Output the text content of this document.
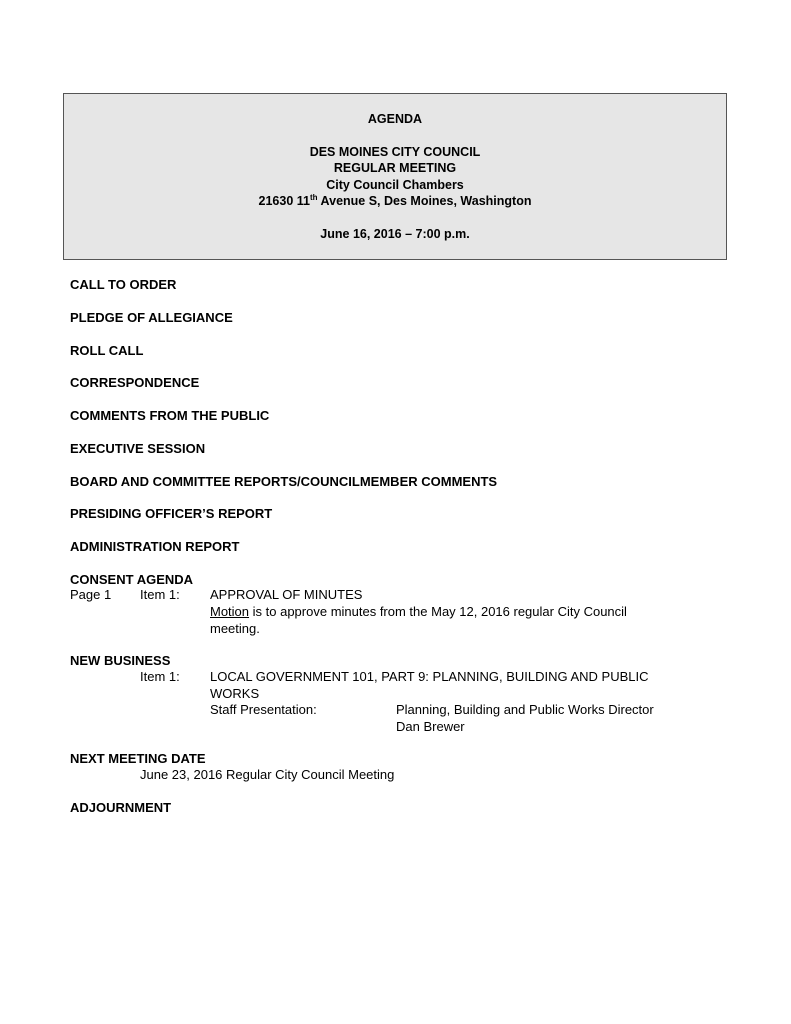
AGENDA
DES MOINES CITY COUNCIL
REGULAR MEETING
City Council Chambers
21630 11th Avenue S, Des Moines, Washington
June 16, 2016 – 7:00 p.m.
CALL TO ORDER
PLEDGE OF ALLEGIANCE
ROLL CALL
CORRESPONDENCE
COMMENTS FROM THE PUBLIC
EXECUTIVE SESSION
BOARD AND COMMITTEE REPORTS/COUNCILMEMBER COMMENTS
PRESIDING OFFICER’S REPORT
ADMINISTRATION REPORT
CONSENT AGENDA
Page 1 Item 1: APPROVAL OF MINUTES
Motion is to approve minutes from the May 12, 2016 regular City Council
meeting.
NEW BUSINESS
Item 1: LOCAL GOVERNMENT 101, PART 9: PLANNING, BUILDING AND PUBLIC
WORKS
Staff Presentation:	Planning, Building and Public Works Director
Dan Brewer
NEXT MEETING DATE
June 23, 2016 Regular City Council Meeting
ADJOURNMENT
